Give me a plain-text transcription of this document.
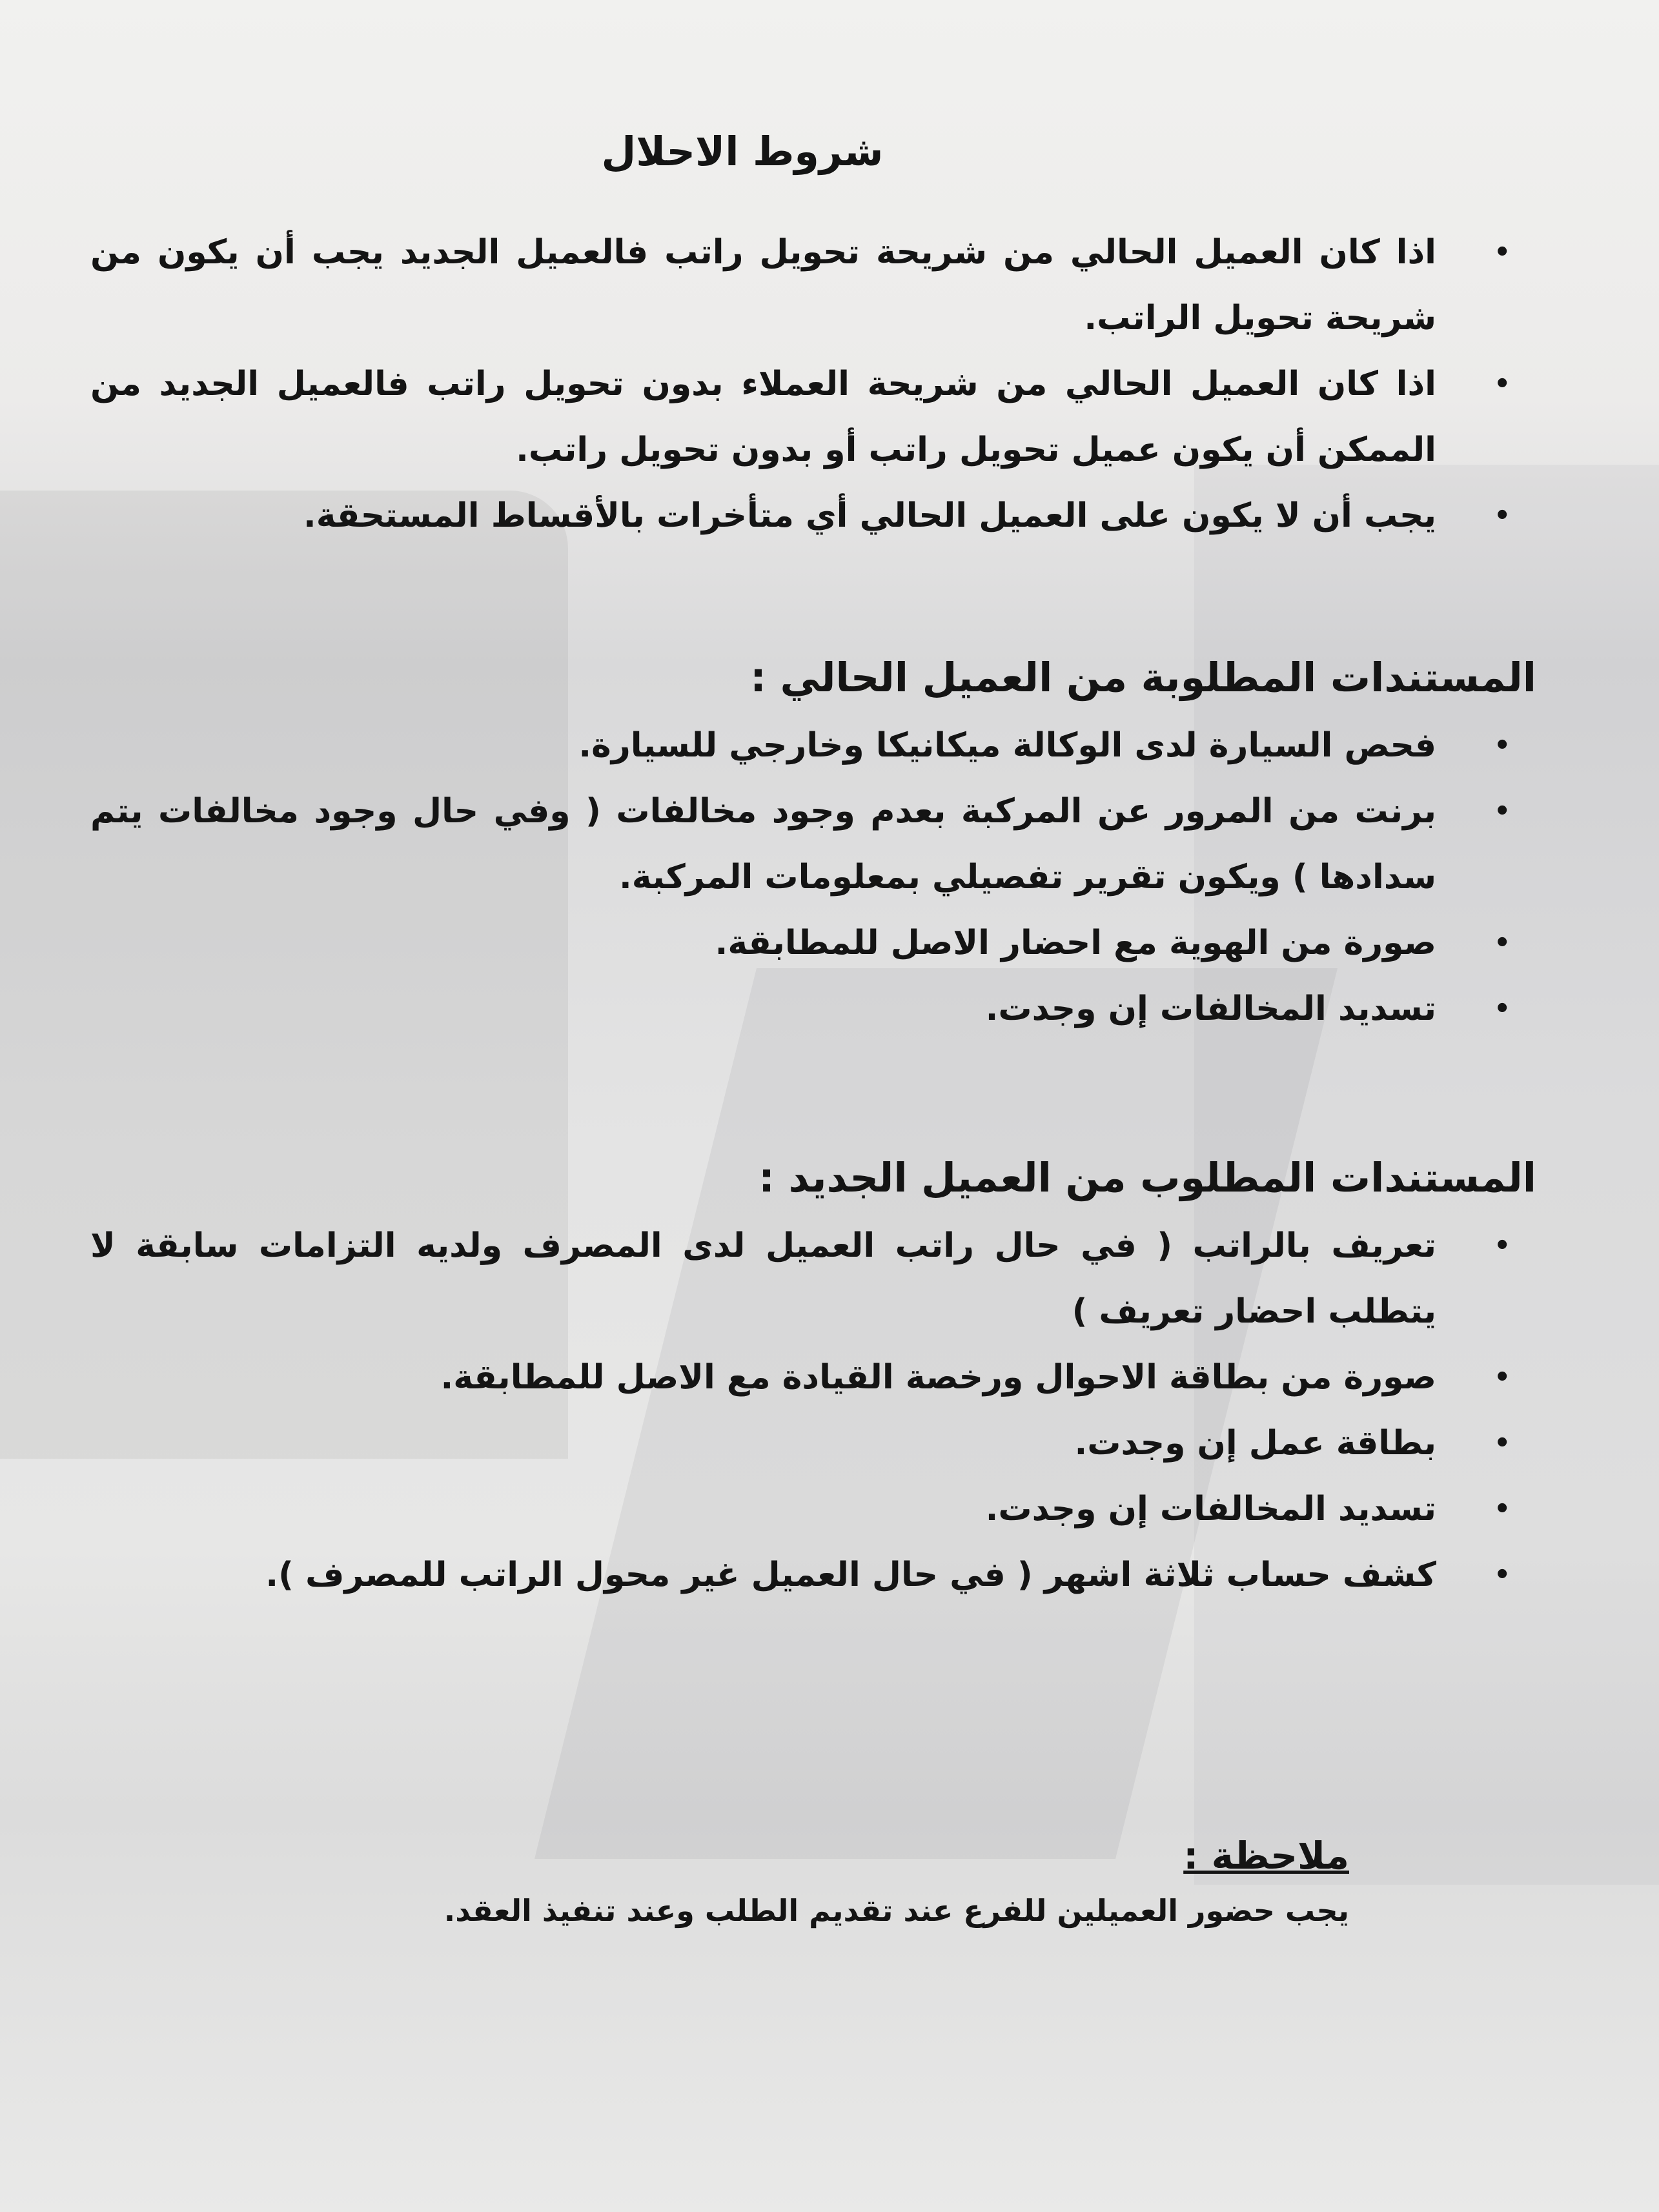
شروط الاحلال
•
اذا كان العميل الحالي من شريحة تحويل راتب فالعميل الجديد يجب أن يكون من شريحة تحويل الراتب.
•
اذا كان العميل الحالي من شريحة العملاء بدون تحويل راتب فالعميل الجديد من الممكن أن يكون عميل تحويل راتب أو بدون تحويل راتب.
•
يجب أن لا يكون على العميل الحالي أي متأخرات بالأقساط المستحقة.
المستندات المطلوبة من العميل الحالي :
•
فحص السيارة لدى الوكالة ميكانيكا وخارجي للسيارة.
•
برنت من المرور عن المركبة بعدم وجود مخالفات ( وفي حال وجود مخالفات يتم سدادها ) ويكون تقرير تفصيلي بمعلومات المركبة.
•
صورة من الهوية مع احضار الاصل للمطابقة.
•
تسديد المخالفات إن وجدت.
المستندات المطلوب من العميل الجديد :
•
تعريف بالراتب ( في حال راتب العميل لدى المصرف ولديه التزامات سابقة لا يتطلب احضار تعريف )
•
صورة من بطاقة الاحوال ورخصة القيادة مع الاصل للمطابقة.
•
بطاقة عمل إن وجدت.
•
تسديد المخالفات إن وجدت.
•
كشف حساب ثلاثة اشهر ( في حال العميل غير محول الراتب للمصرف ).
ملاحظة :
يجب حضور العميلين للفرع عند تقديم الطلب وعند تنفيذ العقد.
